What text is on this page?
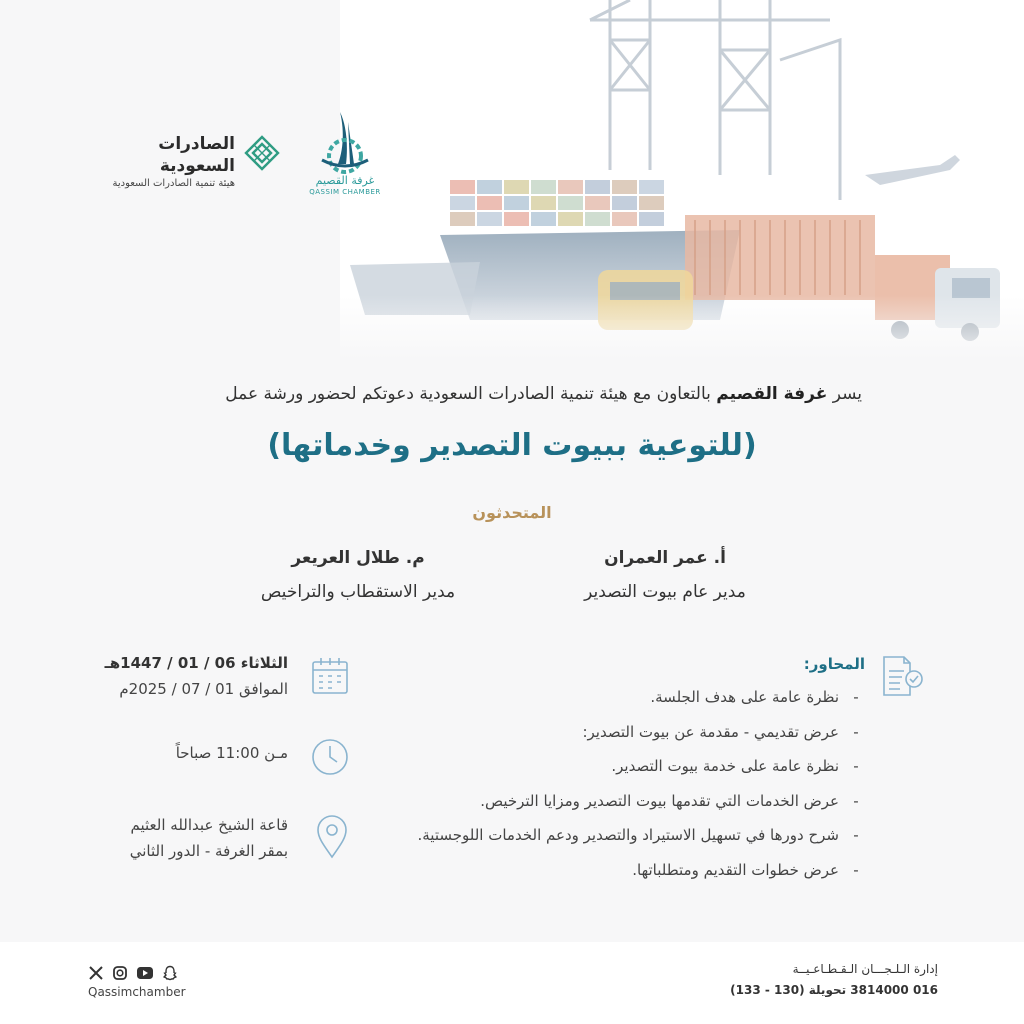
الصادرات السعودية
هيئة تنمية الصادرات السعودية	غرفة القصيم
QASSIM CHAMBER
يسر غرفة القصيم بالتعاون مع هيئة تنمية الصادرات السعودية دعوتكم لحضور ورشة عمل
(للتوعية ببيوت التصدير وخدماتها)
المتحدثون
أ. عمر العمران
مدير عام بيوت التصدير
م. طلال العريعر
مدير الاستقطاب والتراخيص
المحاور:
-نظرة عامة على هدف الجلسة.
-عرض تقديمي - مقدمة عن بيوت التصدير:
-نظرة عامة على خدمة بيوت التصدير.
-عرض الخدمات التي تقدمها بيوت التصدير ومزايا الترخيص.
-شرح دورها في تسهيل الاستيراد والتصدير ودعم الخدمات اللوجستية.
-عرض خطوات التقديم ومتطلباتها.
الثلاثاء 06 / 01 / 1447هـ
الموافق 01 / 07 / 2025م
مـن 11:00 صباحاً
قاعة الشيخ عبدالله العثيم
بمقر الغرفة - الدور الثاني
إدارة الـلـجـــان الـقـطـاعـيــة
016 3814000 تحويلة (130 - 133)
Qassimchamber
